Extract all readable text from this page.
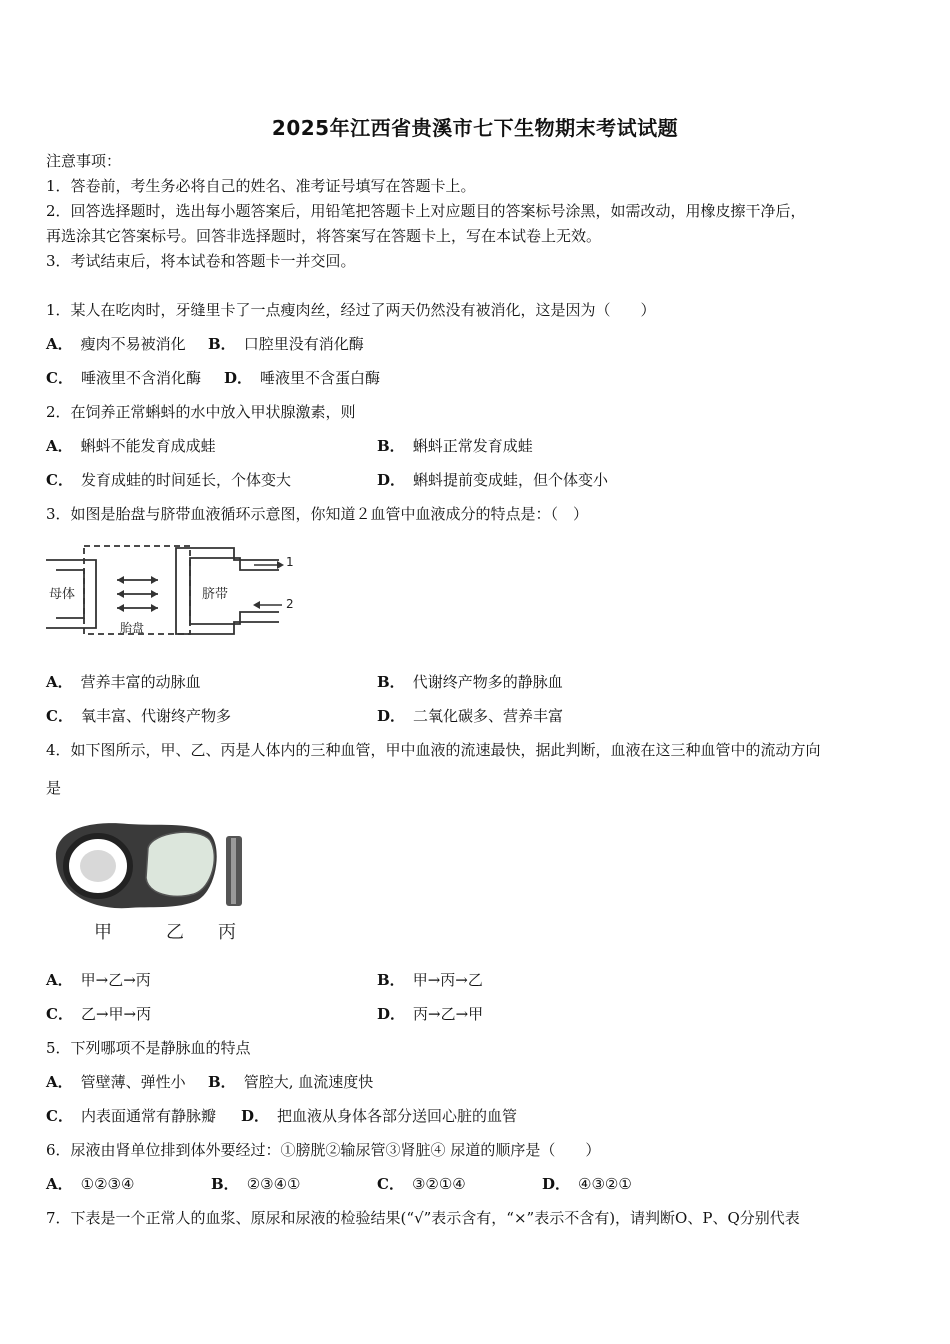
2025年江西省贵溪市七下生物期末考试试题
注意事项：
1．答卷前，考生务必将自己的姓名、准考证号填写在答题卡上。
2．回答选择题时，选出每小题答案后，用铅笔把答题卡上对应题目的答案标号涂黑，如需改动，用橡皮擦干净后，
再选涂其它答案标号。回答非选择题时，将答案写在答题卡上，写在本试卷上无效。
3．考试结束后，将本试卷和答题卡一并交回。
1．某人在吃肉时，牙缝里卡了一点瘦肉丝，经过了两天仍然没有被消化，这是因为（　　）
A． 瘦肉不易被消化 B． 口腔里没有消化酶
C． 唾液里不含消化酶 D． 唾液里不含蛋白酶
2．在饲养正常蝌蚪的水中放入甲状腺激素，则
A． 蝌蚪不能发育成成蛙	B． 蝌蚪正常发育成蛙
C． 发育成蛙的时间延长，个体变大	D． 蝌蚪提前变成蛙，但个体变小
3．如图是胎盘与脐带血液循环示意图，你知道２血管中血液成分的特点是：（　）
母体
胎盘
脐带
1
2
A． 营养丰富的动脉血	B． 代谢终产物多的静脉血
C． 氧丰富、代谢终产物多	D． 二氧化碳多、营养丰富
4．如下图所示，甲、乙、丙是人体内的三种血管，甲中血液的流速最快，据此判断，血液在这三种血管中的流动方向
是
甲	乙 丙
A． 甲→乙→丙	B． 甲→丙→乙
C． 乙→甲→丙	D． 丙→乙→甲
5．下列哪项不是静脉血的特点
A． 管壁薄、弹性小 B． 管腔大, 血流速度快
C． 内表面通常有静脉瓣 D． 把血液从身体各部分送回心脏的血管
6．尿液由肾单位排到体外要经过：①膀胱②输尿管③肾脏④ 尿道的顺序是（　　）
A． ①②③④	B． ②③④①	C． ③②①④	D． ④③②①
7．下表是一个正常人的血浆、原尿和尿液的检验结果(“√”表示含有，“×”表示不含有)，请判断O、P、Q分别代表
